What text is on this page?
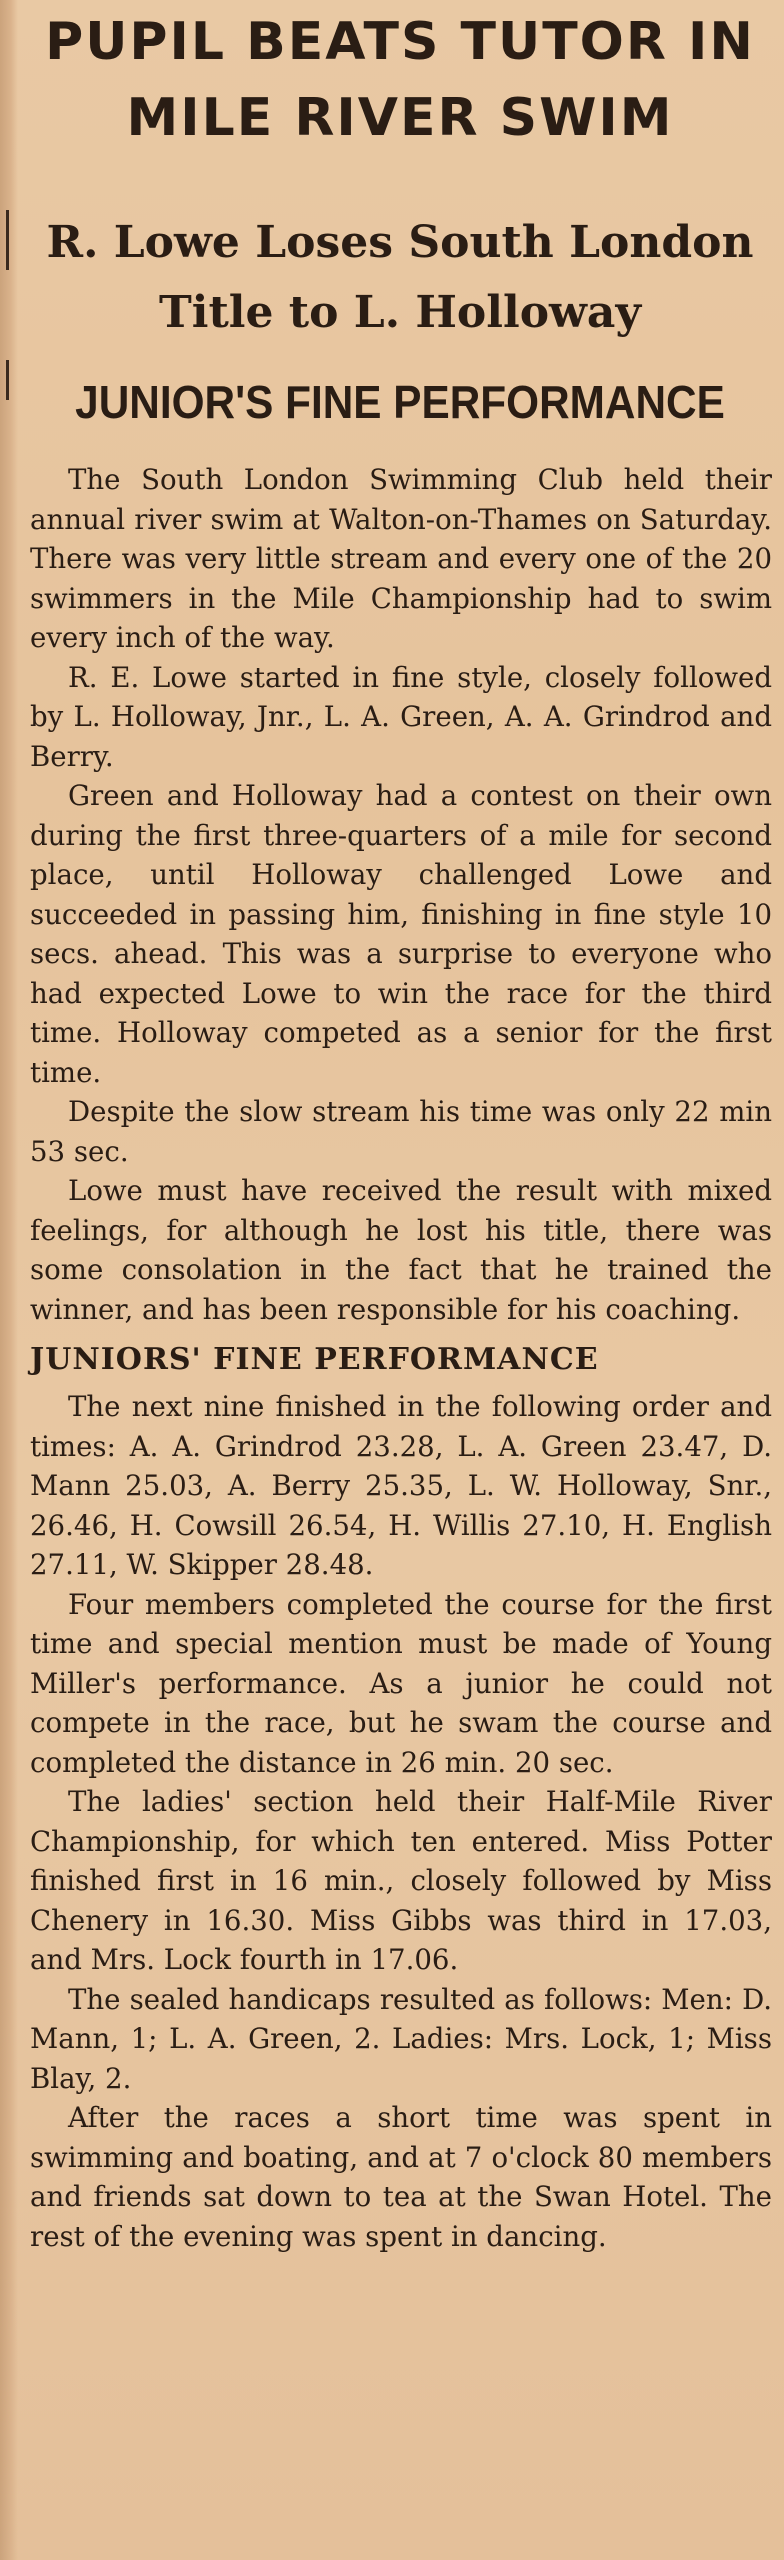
PUPIL BEATS TUTOR IN
MILE RIVER SWIM
R. Lowe Loses South London
Title to L. Holloway
JUNIOR'S FINE PERFORMANCE

The South London Swimming Club held their annual river swim at Walton-on-Thames on Saturday. There was very little stream and every one of the 20 swimmers in the Mile Championship had to swim every inch of the way.

R. E. Lowe started in fine style, closely followed by L. Holloway, Jnr., L. A. Green, A. A. Grindrod and Berry.

Green and Holloway had a contest on their own during the first three-quarters of a mile for second place, until Holloway challenged Lowe and succeeded in passing him, finishing in fine style 10 secs. ahead. This was a surprise to everyone who had expected Lowe to win the race for the third time. Holloway competed as a senior for the first time.

Despite the slow stream his time was only 22 min 53 sec.

Lowe must have received the result with mixed feelings, for although he lost his title, there was some consolation in the fact that he trained the winner, and has been responsible for his coaching.

JUNIORS' FINE PERFORMANCE

The next nine finished in the following order and times: A. A. Grindrod 23.28, L. A. Green 23.47, D. Mann 25.03, A. Berry 25.35, L. W. Holloway, Snr., 26.46, H. Cowsill 26.54, H. Willis 27.10, H. English 27.11, W. Skipper 28.48.

Four members completed the course for the first time and special mention must be made of Young Miller's performance. As a junior he could not compete in the race, but he swam the course and completed the distance in 26 min. 20 sec.

The ladies' section held their Half-Mile River Championship, for which ten entered. Miss Potter finished first in 16 min., closely followed by Miss Chenery in 16.30. Miss Gibbs was third in 17.03, and Mrs. Lock fourth in 17.06.

The sealed handicaps resulted as follows: Men: D. Mann, 1; L. A. Green, 2. Ladies: Mrs. Lock, 1; Miss Blay, 2.

After the races a short time was spent in swimming and boating, and at 7 o'clock 80 members and friends sat down to tea at the Swan Hotel. The rest of the evening was spent in dancing.
